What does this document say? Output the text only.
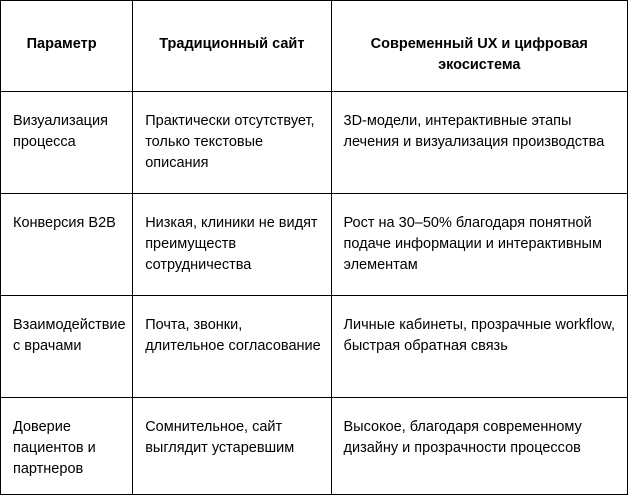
Параметр	Традиционный сайт	Современный UX и цифровая экосистема

Визуализация процесса	Практически отсутствует, только текстовые описания	3D-модели, интерактивные этапы лечения и визуализация производства

Конверсия B2B	Низкая, клиники не видят преимуществ сотрудничества	Рост на 30–50% благодаря понятной подаче информации и интерактивным элементам

Взаимодействие с врачами	Почта, звонки, длительное согласование	Личные кабинеты, прозрачные workflow, быстрая обратная связь

Доверие пациентов и партнеров	Сомнительное, сайт выглядит устаревшим	Высокое, благодаря современному дизайну и прозрачности процессов
